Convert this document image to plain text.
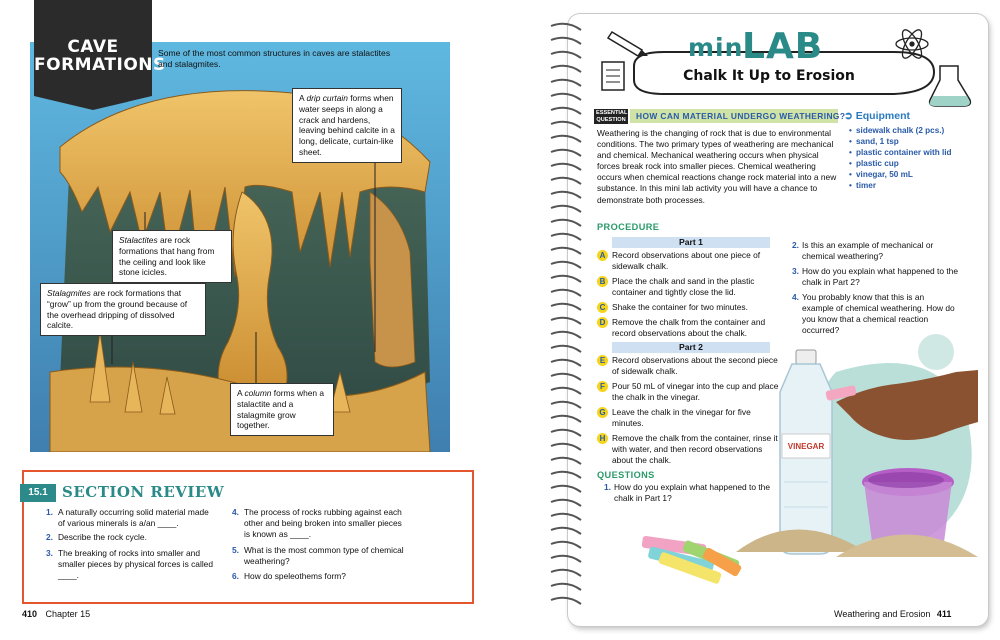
CAVE
FORMATIONS
Some of the most common structures in caves are stalactites and stalagmites.
A drip curtain forms when water seeps in along a crack and hardens, leaving behind calcite in a long, delicate, curtain-like sheet.
Stalactites are rock formations that hang from the ceiling and look like stone icicles.
Stalagmites are rock formations that “grow” up from the ground because of the overhead dripping of dissolved calcite.
A column forms when a stalactite and a stalagmite grow together.
15.1 SECTION REVIEW
1. A naturally occurring solid material made of various minerals is a/an ____.
2. Describe the rock cycle.
3. The breaking of rocks into smaller and smaller pieces by physical forces is called ____.
4. The process of rocks rubbing against each other and being broken into smaller pieces is known as ____.
5. What is the most common type of chemical weathering?
6. How do speleothems form?
410 Chapter 15
mini
LAB
Chalk It Up to Erosion
ESSENTIAL QUESTION HOW CAN MATERIAL UNDERGO WEATHERING?
➲ Equipment
• sidewalk chalk (2 pcs.)
• sand, 1 tsp
• plastic container with lid
• plastic cup
• vinegar, 50 mL
• timer
Weathering is the changing of rock that is due to environmental conditions. The two primary types of weathering are mechanical and chemical. Mechanical weathering occurs when physical forces break rock into smaller pieces. Chemical weathering occurs when chemical reactions change rock material into a new substance. In this mini lab activity you will have a chance to demonstrate both processes.
PROCEDURE
Part 1
A Record observations about one piece of sidewalk chalk.
B Place the chalk and sand in the plastic container and tightly close the lid.
C Shake the container for two minutes.
D Remove the chalk from the container and record observations about the chalk.
Part 2
E Record observations about the second piece of sidewalk chalk.
F Pour 50 mL of vinegar into the cup and place the chalk in the vinegar.
G Leave the chalk in the vinegar for five minutes.
H Remove the chalk from the container, rinse it with water, and then record observations about the chalk.
QUESTIONS
1. How do you explain what happened to the chalk in Part 1?
2. Is this an example of mechanical or chemical weathering?
3. How do you explain what happened to the chalk in Part 2?
4. You probably know that this is an example of chemical weathering. How do you know that a chemical reaction occurred?
VINEGAR
Weathering and Erosion 411
